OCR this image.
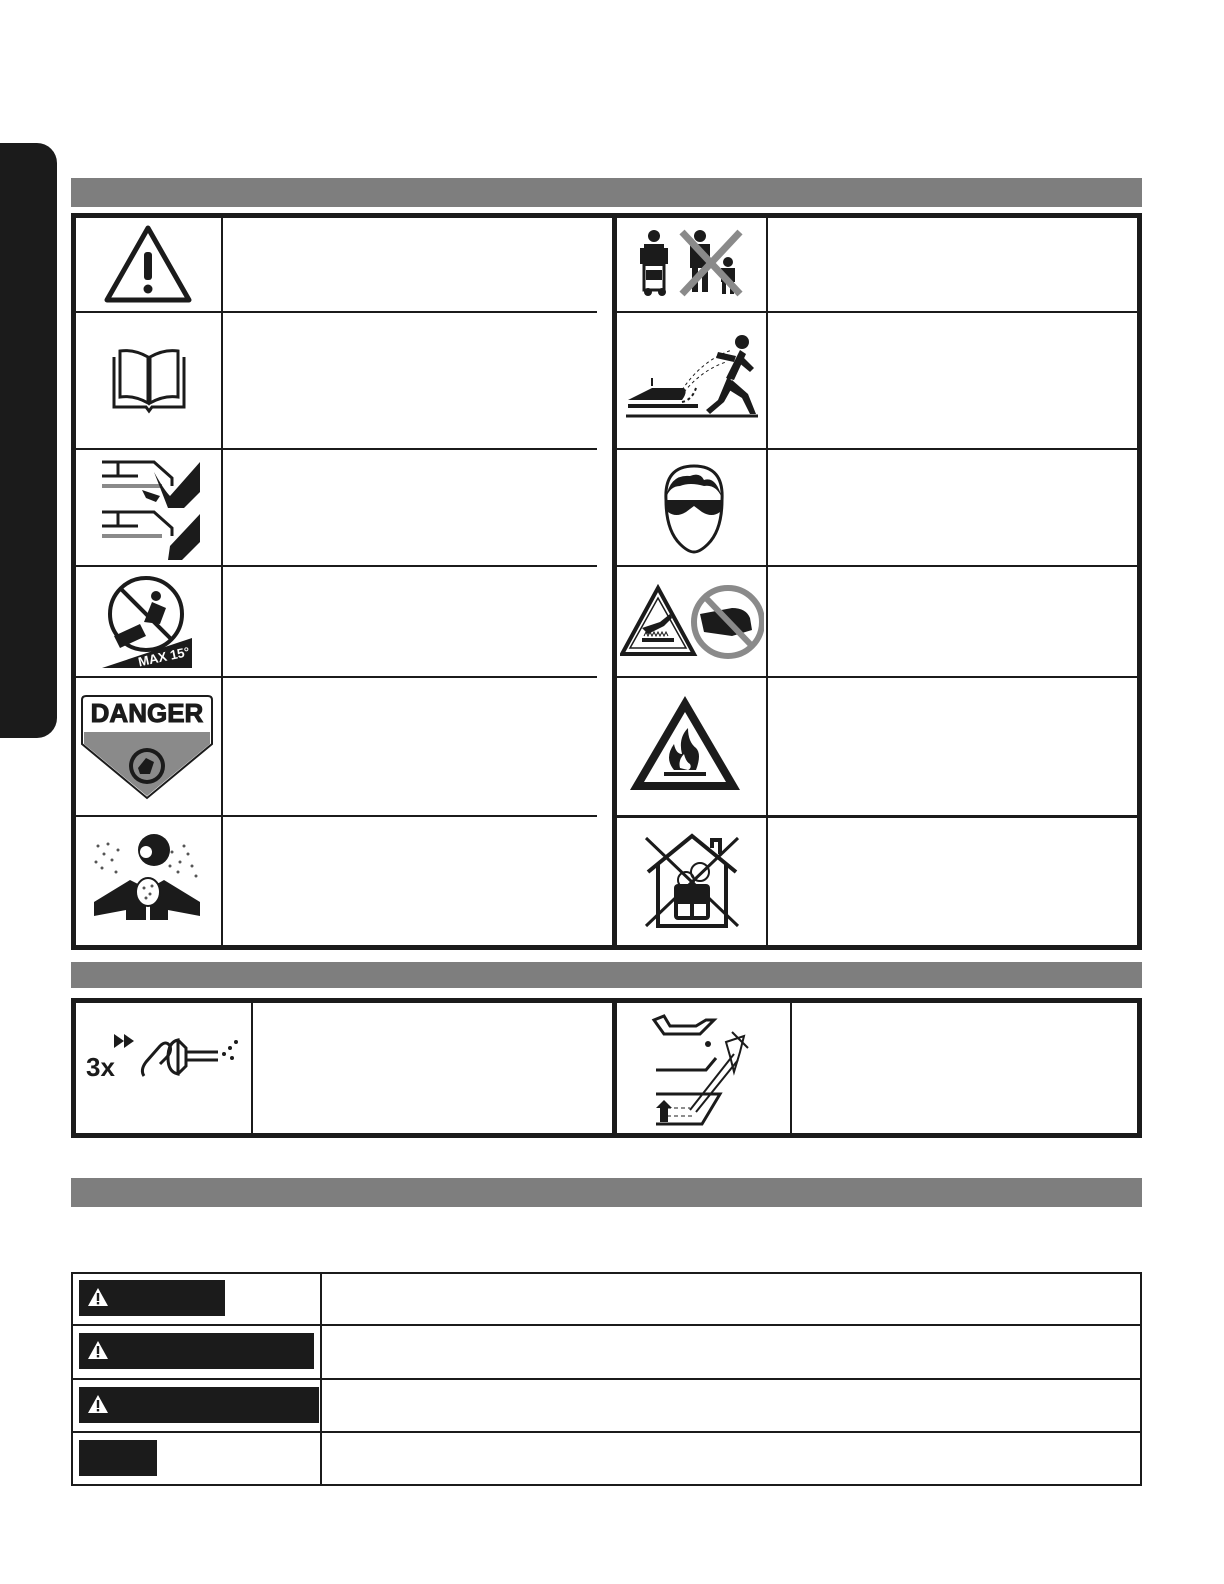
MAX 15°
DANGER
3x
